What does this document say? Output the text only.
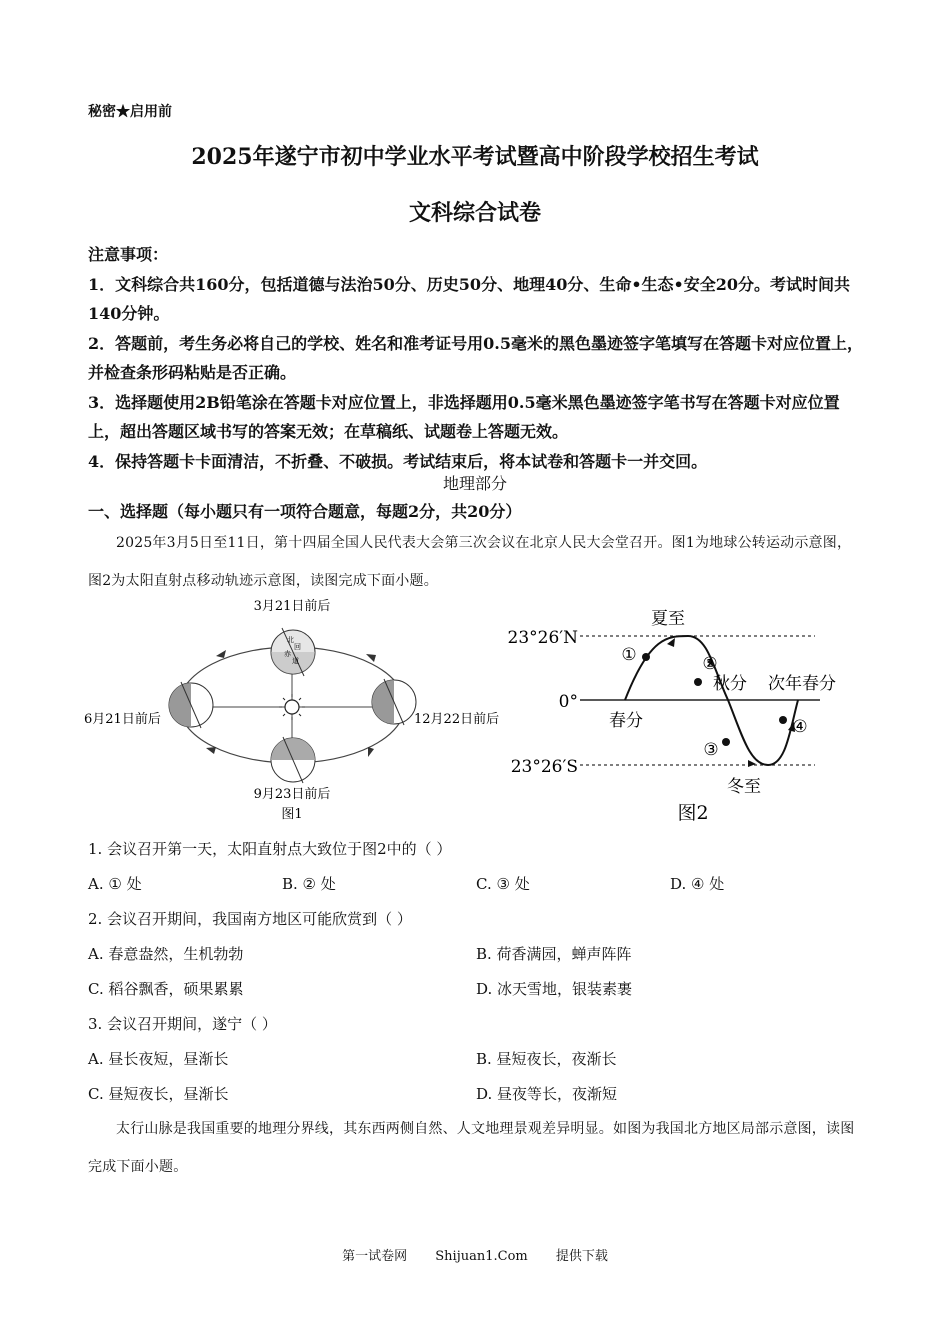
秘密★启用前
2025年遂宁市初中学业水平考试暨高中阶段学校招生考试
文科综合试卷

注意事项：

1．文科综合共160分，包括道德与法治50分、历史50分、地理40分、生命•生态•安全20分。考试时间共140分钟。

2．答题前，考生务必将自己的学校、姓名和准考证号用0.5毫米的黑色墨迹签字笔填写在答题卡对应位置上，并检查条形码粘贴是否正确。

3．选择题使用2B铅笔涂在答题卡对应位置上，非选择题用0.5毫米黑色墨迹签字笔书写在答题卡对应位置上，超出答题区域书写的答案无效；在草稿纸、试题卷上答题无效。

4．保持答题卡卡面清洁，不折叠、不破损。考试结束后，将本试卷和答题卡一并交回。

地理部分
一、选择题（每小题只有一项符合题意，每题2分，共20分）
2025年3月5日至11日，第十四届全国人民代表大会第三次会议在北京人民大会堂召开。图1为地球公转运动示意图，图2为太阳直射点移动轨迹示意图，读图完成下面小题。
北
回
赤
道
3月21日前后
6月21日前后	12月22日前后
9月23日前后
图1
23°26′N
0°
23°26′S
夏至
春分
秋分 次年春分
冬至
①	②
③
④
图2
1. 会议召开第一天，太阳直射点大致位于图2中的（ ）
A. ① 处	B. ② 处	C. ③ 处	D. ④ 处
2. 会议召开期间，我国南方地区可能欣赏到（ ）
A. 春意盎然，生机勃勃	B. 荷香满园，蝉声阵阵
C. 稻谷飘香，硕果累累	D. 冰天雪地，银装素裹
3. 会议召开期间，遂宁（ ）
A. 昼长夜短，昼渐长	B. 昼短夜长，夜渐长
C. 昼短夜长，昼渐长	D. 昼夜等长，夜渐短
太行山脉是我国重要的地理分界线，其东西两侧自然、人文地理景观差异明显。如图为我国北方地区局部示意图，读图完成下面小题。
第一试卷网 Shijuan1.Com 提供下载
